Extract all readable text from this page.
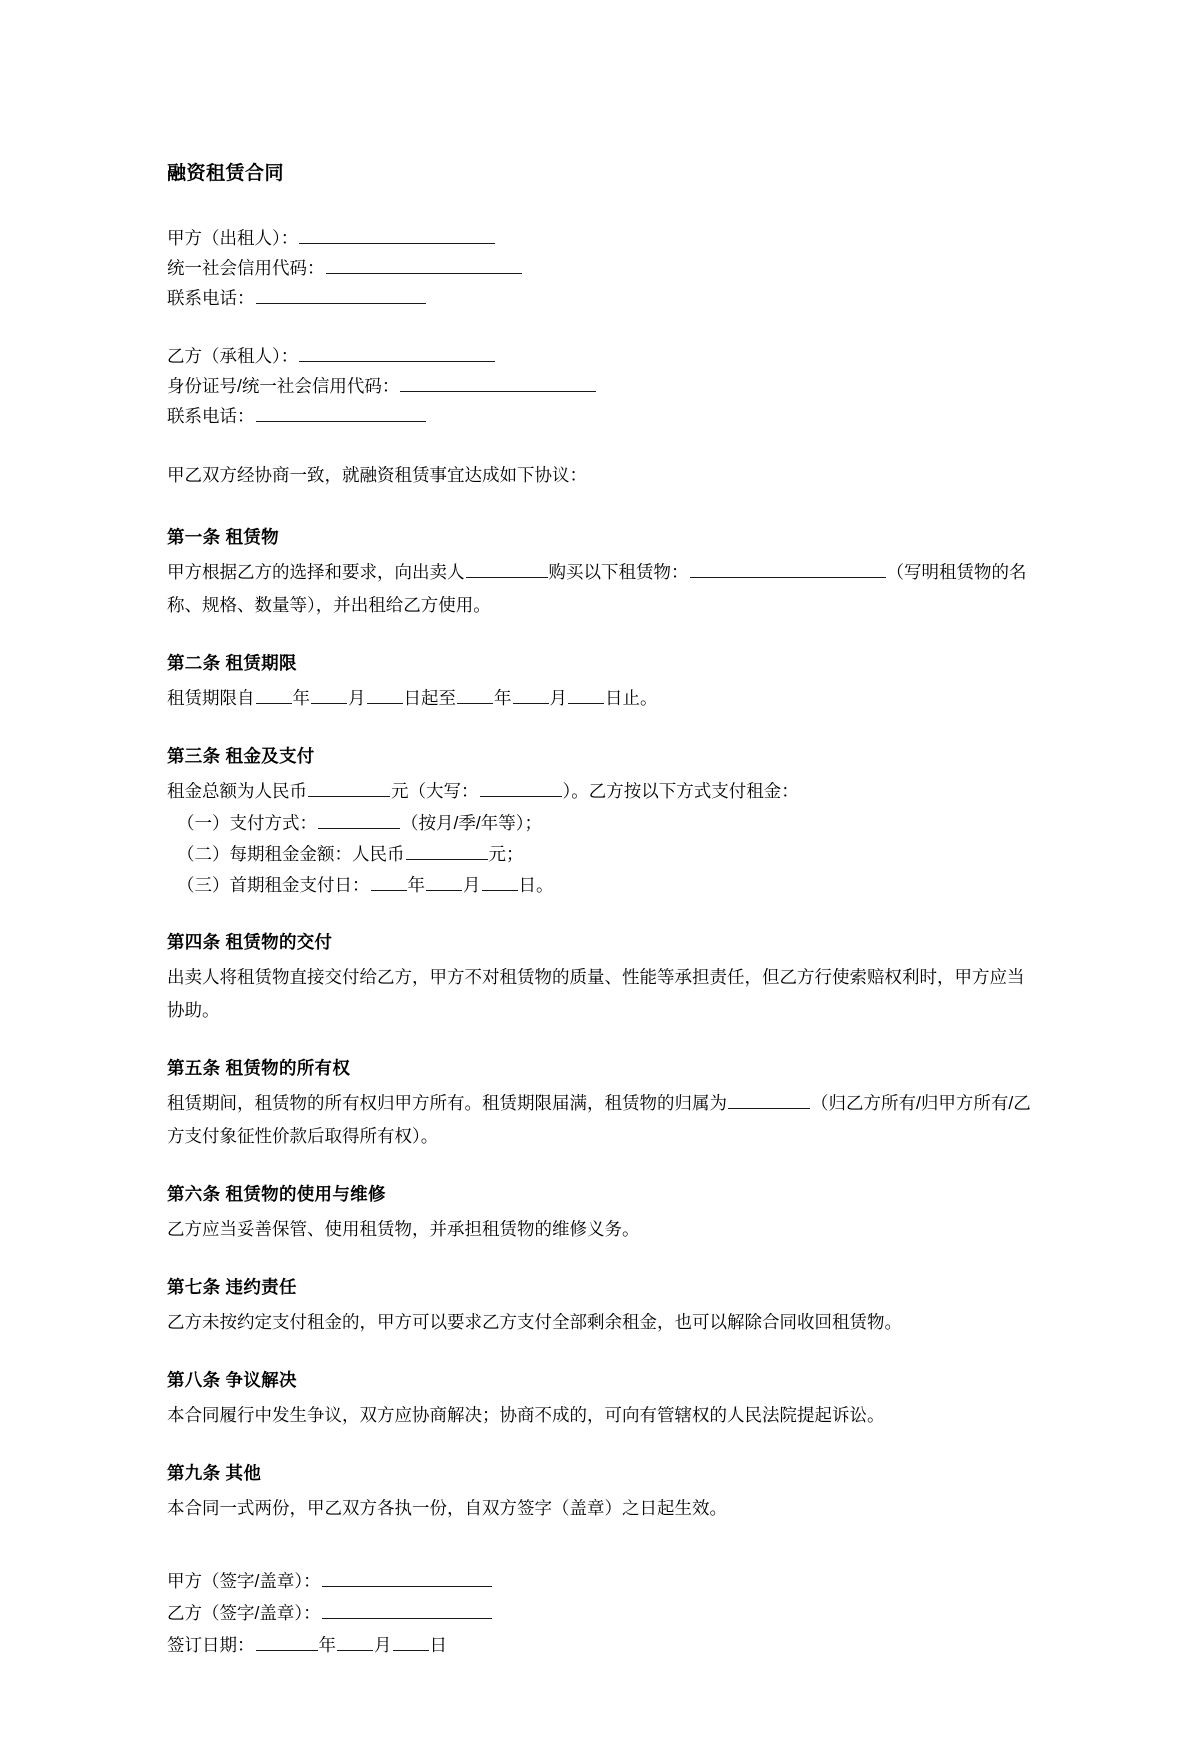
融资租赁合同

甲方（出租人）：

统一社会信用代码：

联系电话：

乙方（承租人）：

身份证号/统一社会信用代码：

联系电话：

甲乙双方经协商一致，就融资租赁事宜达成如下协议：

第一条 租赁物

甲方根据乙方的选择和要求，向出卖人	购买以下租赁物：	（写明租赁物的名称、规格、数量等），并出租给乙方使用。

第二条 租赁期限

租赁期限自 年 月 日起至 年 月 日止。

第三条 租金及支付

租金总额为人民币	元（大写：	）。乙方按以下方式支付租金：

（一）支付方式：	（按月/季/年等）；

（二）每期租金金额：人民币	元；

（三）首期租金支付日： 年 月 日。

第四条 租赁物的交付

出卖人将租赁物直接交付给乙方，甲方不对租赁物的质量、性能等承担责任，但乙方行使索赔权利时，甲方应当协助。

第五条 租赁物的所有权

租赁期间，租赁物的所有权归甲方所有。租赁期限届满，租赁物的归属为	（归乙方所有/归甲方所有/乙方支付象征性价款后取得所有权）。

第六条 租赁物的使用与维修

乙方应当妥善保管、使用租赁物，并承担租赁物的维修义务。

第七条 违约责任

乙方未按约定支付租金的，甲方可以要求乙方支付全部剩余租金，也可以解除合同收回租赁物。

第八条 争议解决

本合同履行中发生争议，双方应协商解决；协商不成的，可向有管辖权的人民法院提起诉讼。

第九条 其他

本合同一式两份，甲乙双方各执一份，自双方签字（盖章）之日起生效。

甲方（签字/盖章）：

乙方（签字/盖章）：

签订日期：	年 月 日
